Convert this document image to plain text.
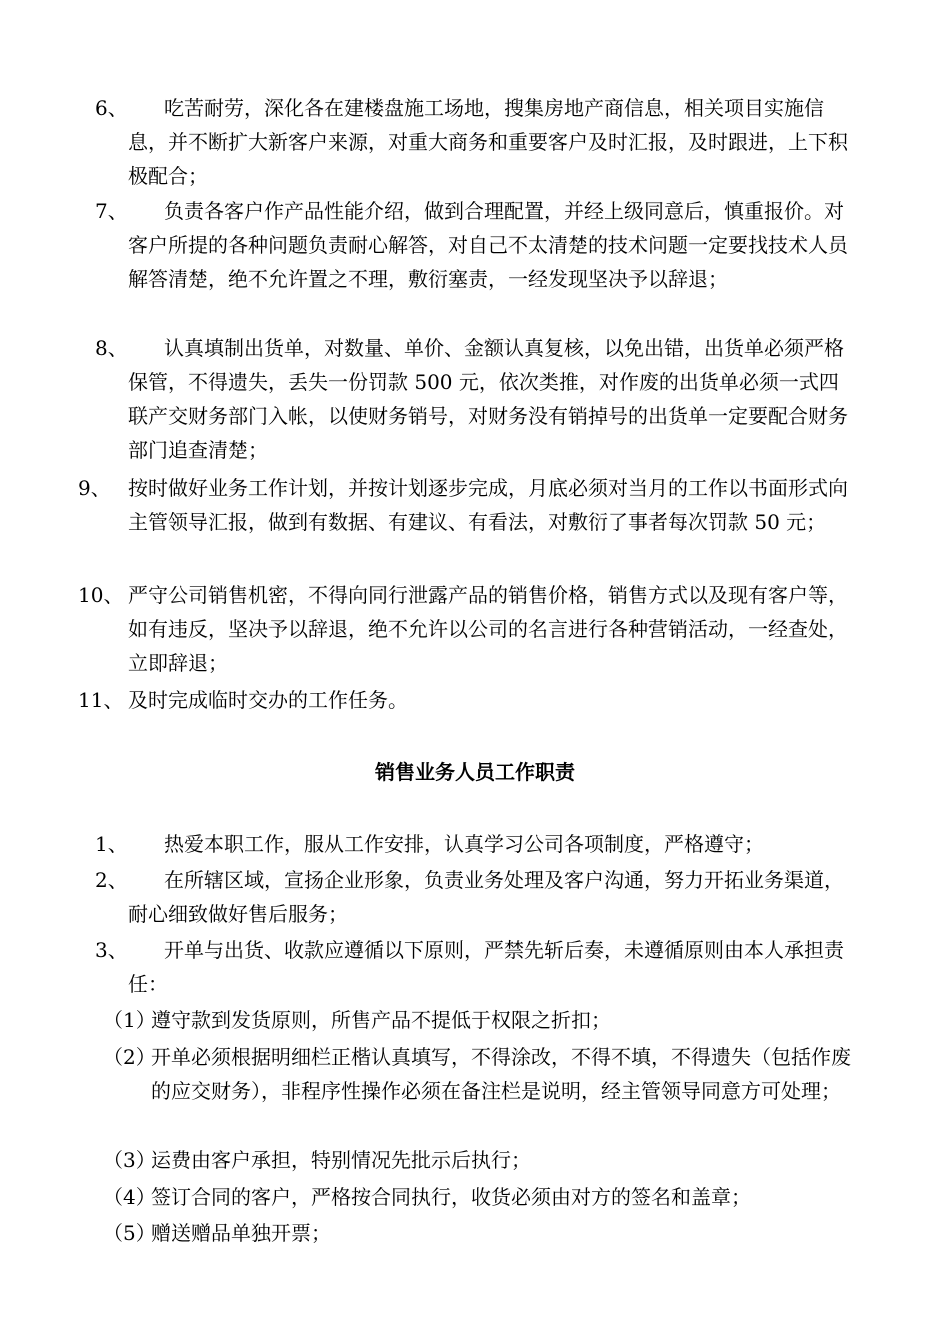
6、	吃苦耐劳，深化各在建楼盘施工场地，搜集房地产商信息，相关项目实施信息，并不断扩大新客户来源，对重大商务和重要客户及时汇报，及时跟进，上下积极配合；
7、	负责各客户作产品性能介绍，做到合理配置，并经上级同意后，慎重报价。对客户所提的各种问题负责耐心解答，对自己不太清楚的技术问题一定要找技术人员解答清楚，绝不允许置之不理，敷衍塞责，一经发现坚决予以辞退；
8、	认真填制出货单，对数量、单价、金额认真复核，以免出错，出货单必须严格保管，不得遗失，丢失一份罚款 500 元，依次类推，对作废的出货单必须一式四联产交财务部门入帐，以使财务销号，对财务没有销掉号的出货单一定要配合财务部门追查清楚；
9、 按时做好业务工作计划，并按计划逐步完成，月底必须对当月的工作以书面形式向主管领导汇报，做到有数据、有建议、有看法，对敷衍了事者每次罚款 50 元；
10、 严守公司销售机密，不得向同行泄露产品的销售价格，销售方式以及现有客户等，如有违反，坚决予以辞退，绝不允许以公司的名言进行各种营销活动，一经查处，立即辞退；
11、 及时完成临时交办的工作任务。
销售业务人员工作职责
1、	热爱本职工作，服从工作安排，认真学习公司各项制度，严格遵守；
2、	在所辖区域，宣扬企业形象，负责业务处理及客户沟通，努力开拓业务渠道，耐心细致做好售后服务；
3、	开单与出货、收款应遵循以下原则，严禁先斩后奏，未遵循原则由本人承担责任：
（1）
遵守款到发货原则，所售产品不提低于权限之折扣；
（2）
开单必须根据明细栏正楷认真填写，不得涂改，不得不填，不得遗失（包括作废的应交财务），非程序性操作必须在备注栏是说明，经主管领导同意方可处理；
（3）
运费由客户承担，特别情况先批示后执行；
（4）
签订合同的客户，严格按合同执行，收货必须由对方的签名和盖章；
（5）
赠送赠品单独开票；
